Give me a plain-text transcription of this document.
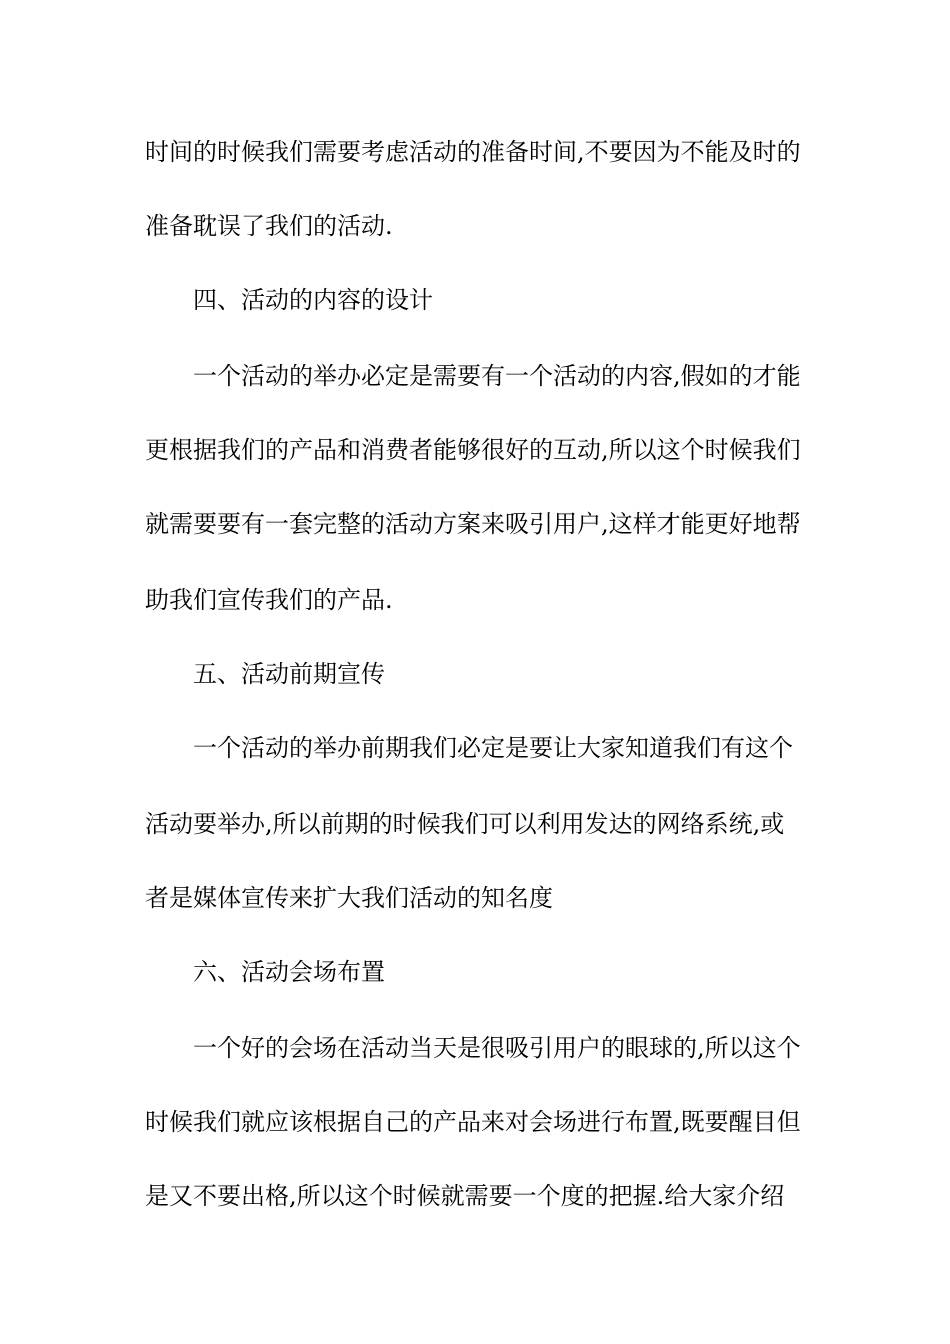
时间的时候我们需要考虑活动的准备时间,不要因为不能及时的
准备耽误了我们的活动.
四、活动的内容的设计
一个活动的举办必定是需要有一个活动的内容,假如的才能
更根据我们的产品和消费者能够很好的互动,所以这个时候我们
就需要要有一套完整的活动方案来吸引用户,这样才能更好地帮
助我们宣传我们的产品.
五、活动前期宣传
一个活动的举办前期我们必定是要让大家知道我们有这个
活动要举办,所以前期的时候我们可以利用发达的网络系统,或
者是媒体宣传来扩大我们活动的知名度
六、活动会场布置
一个好的会场在活动当天是很吸引用户的眼球的,所以这个
时候我们就应该根据自己的产品来对会场进行布置,既要醒目但
是又不要出格,所以这个时候就需要一个度的把握.给大家介绍
